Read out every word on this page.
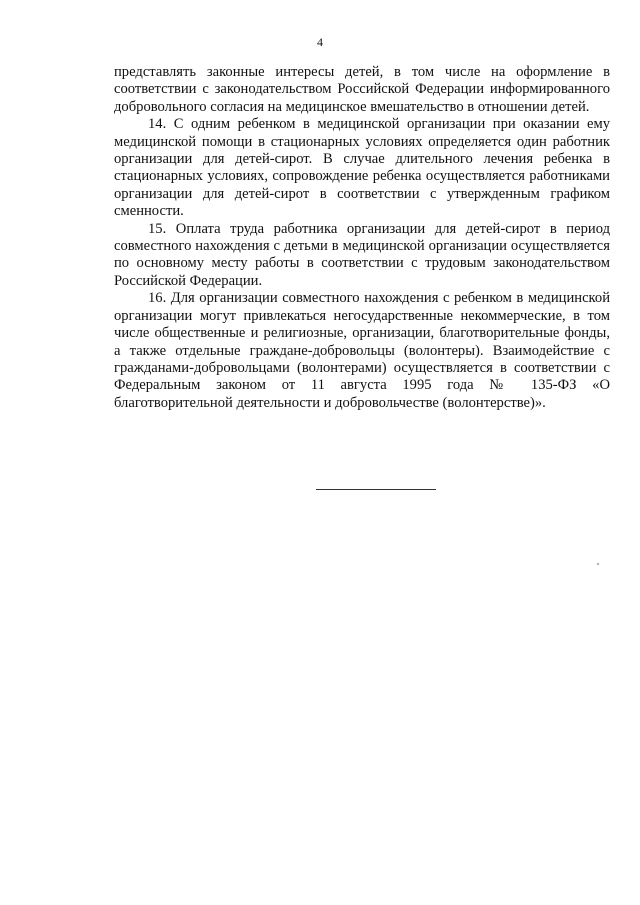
4

представлять законные интересы детей, в том числе на оформление в соответствии с законодательством Российской Федерации информированного добровольного согласия на медицинское вмешательство в отношении детей.

14. С одним ребенком в медицинской организации при оказании ему медицинской помощи в стационарных условиях определяется один работник организации для детей-сирот. В случае длительного лечения ребенка в стационарных условиях, сопровождение ребенка осуществляется работниками организации для детей-сирот в соответствии с утвержденным графиком сменности.

15. Оплата труда работника организации для детей-сирот в период совместного нахождения с детьми в медицинской организации осуществляется по основному месту работы в соответствии с трудовым законодательством Российской Федерации.

16. Для организации совместного нахождения с ребенком в медицинской организации могут привлекаться негосударственные некоммерческие, в том числе общественные и религиозные, организации, благотворительные фонды, а также отдельные граждане-добровольцы (волонтеры). Взаимодействие с гражданами-добровольцами (волонтерами) осуществляется в соответствии с Федеральным законом от 11 августа 1995 года № 135-ФЗ «О благотворительной деятельности и добровольчестве (волонтерстве)».
